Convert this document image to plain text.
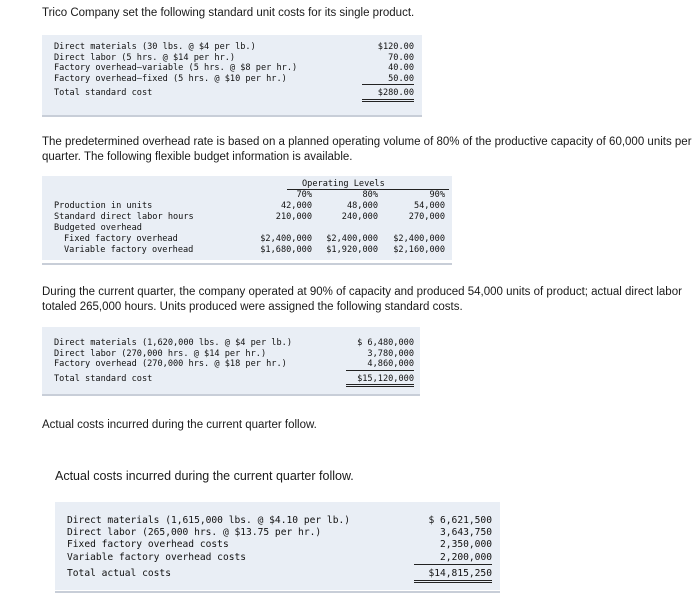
Trico Company set the following standard unit costs for its single product.

Direct materials (30 lbs. @ $4 per lb.)	$120.00
Direct labor (5 hrs. @ $14 per hr.)	70.00
Factory overhead—variable (5 hrs. @ $8 per hr.)	40.00
Factory overhead—fixed (5 hrs. @ $10 per hr.)	50.00
Total standard cost	$280.00

The predetermined overhead rate is based on a planned operating volume of 80% of the productive capacity of 60,000 units per quarter. The following flexible budget information is available.

Operating Levels
70%	80%	90%
Production in units	42,000	48,000	54,000
Standard direct labor hours	210,000	240,000	270,000
Budgeted overhead
Fixed factory overhead	$2,400,000	$2,400,000	$2,400,000
Variable factory overhead	$1,680,000	$1,920,000	$2,160,000

During the current quarter, the company operated at 90% of capacity and produced 54,000 units of product; actual direct labor totaled 265,000 hours. Units produced were assigned the following standard costs.

Direct materials (1,620,000 lbs. @ $4 per lb.)	$ 6,480,000
Direct labor (270,000 hrs. @ $14 per hr.)	3,780,000
Factory overhead (270,000 hrs. @ $18 per hr.)	4,860,000
Total standard cost	$15,120,000

Actual costs incurred during the current quarter follow.

Actual costs incurred during the current quarter follow.

Direct materials (1,615,000 lbs. @ $4.10 per lb.)	$ 6,621,500
Direct labor (265,000 hrs. @ $13.75 per hr.)	3,643,750
Fixed factory overhead costs	2,350,000
Variable factory overhead costs	2,200,000
Total actual costs	$14,815,250
